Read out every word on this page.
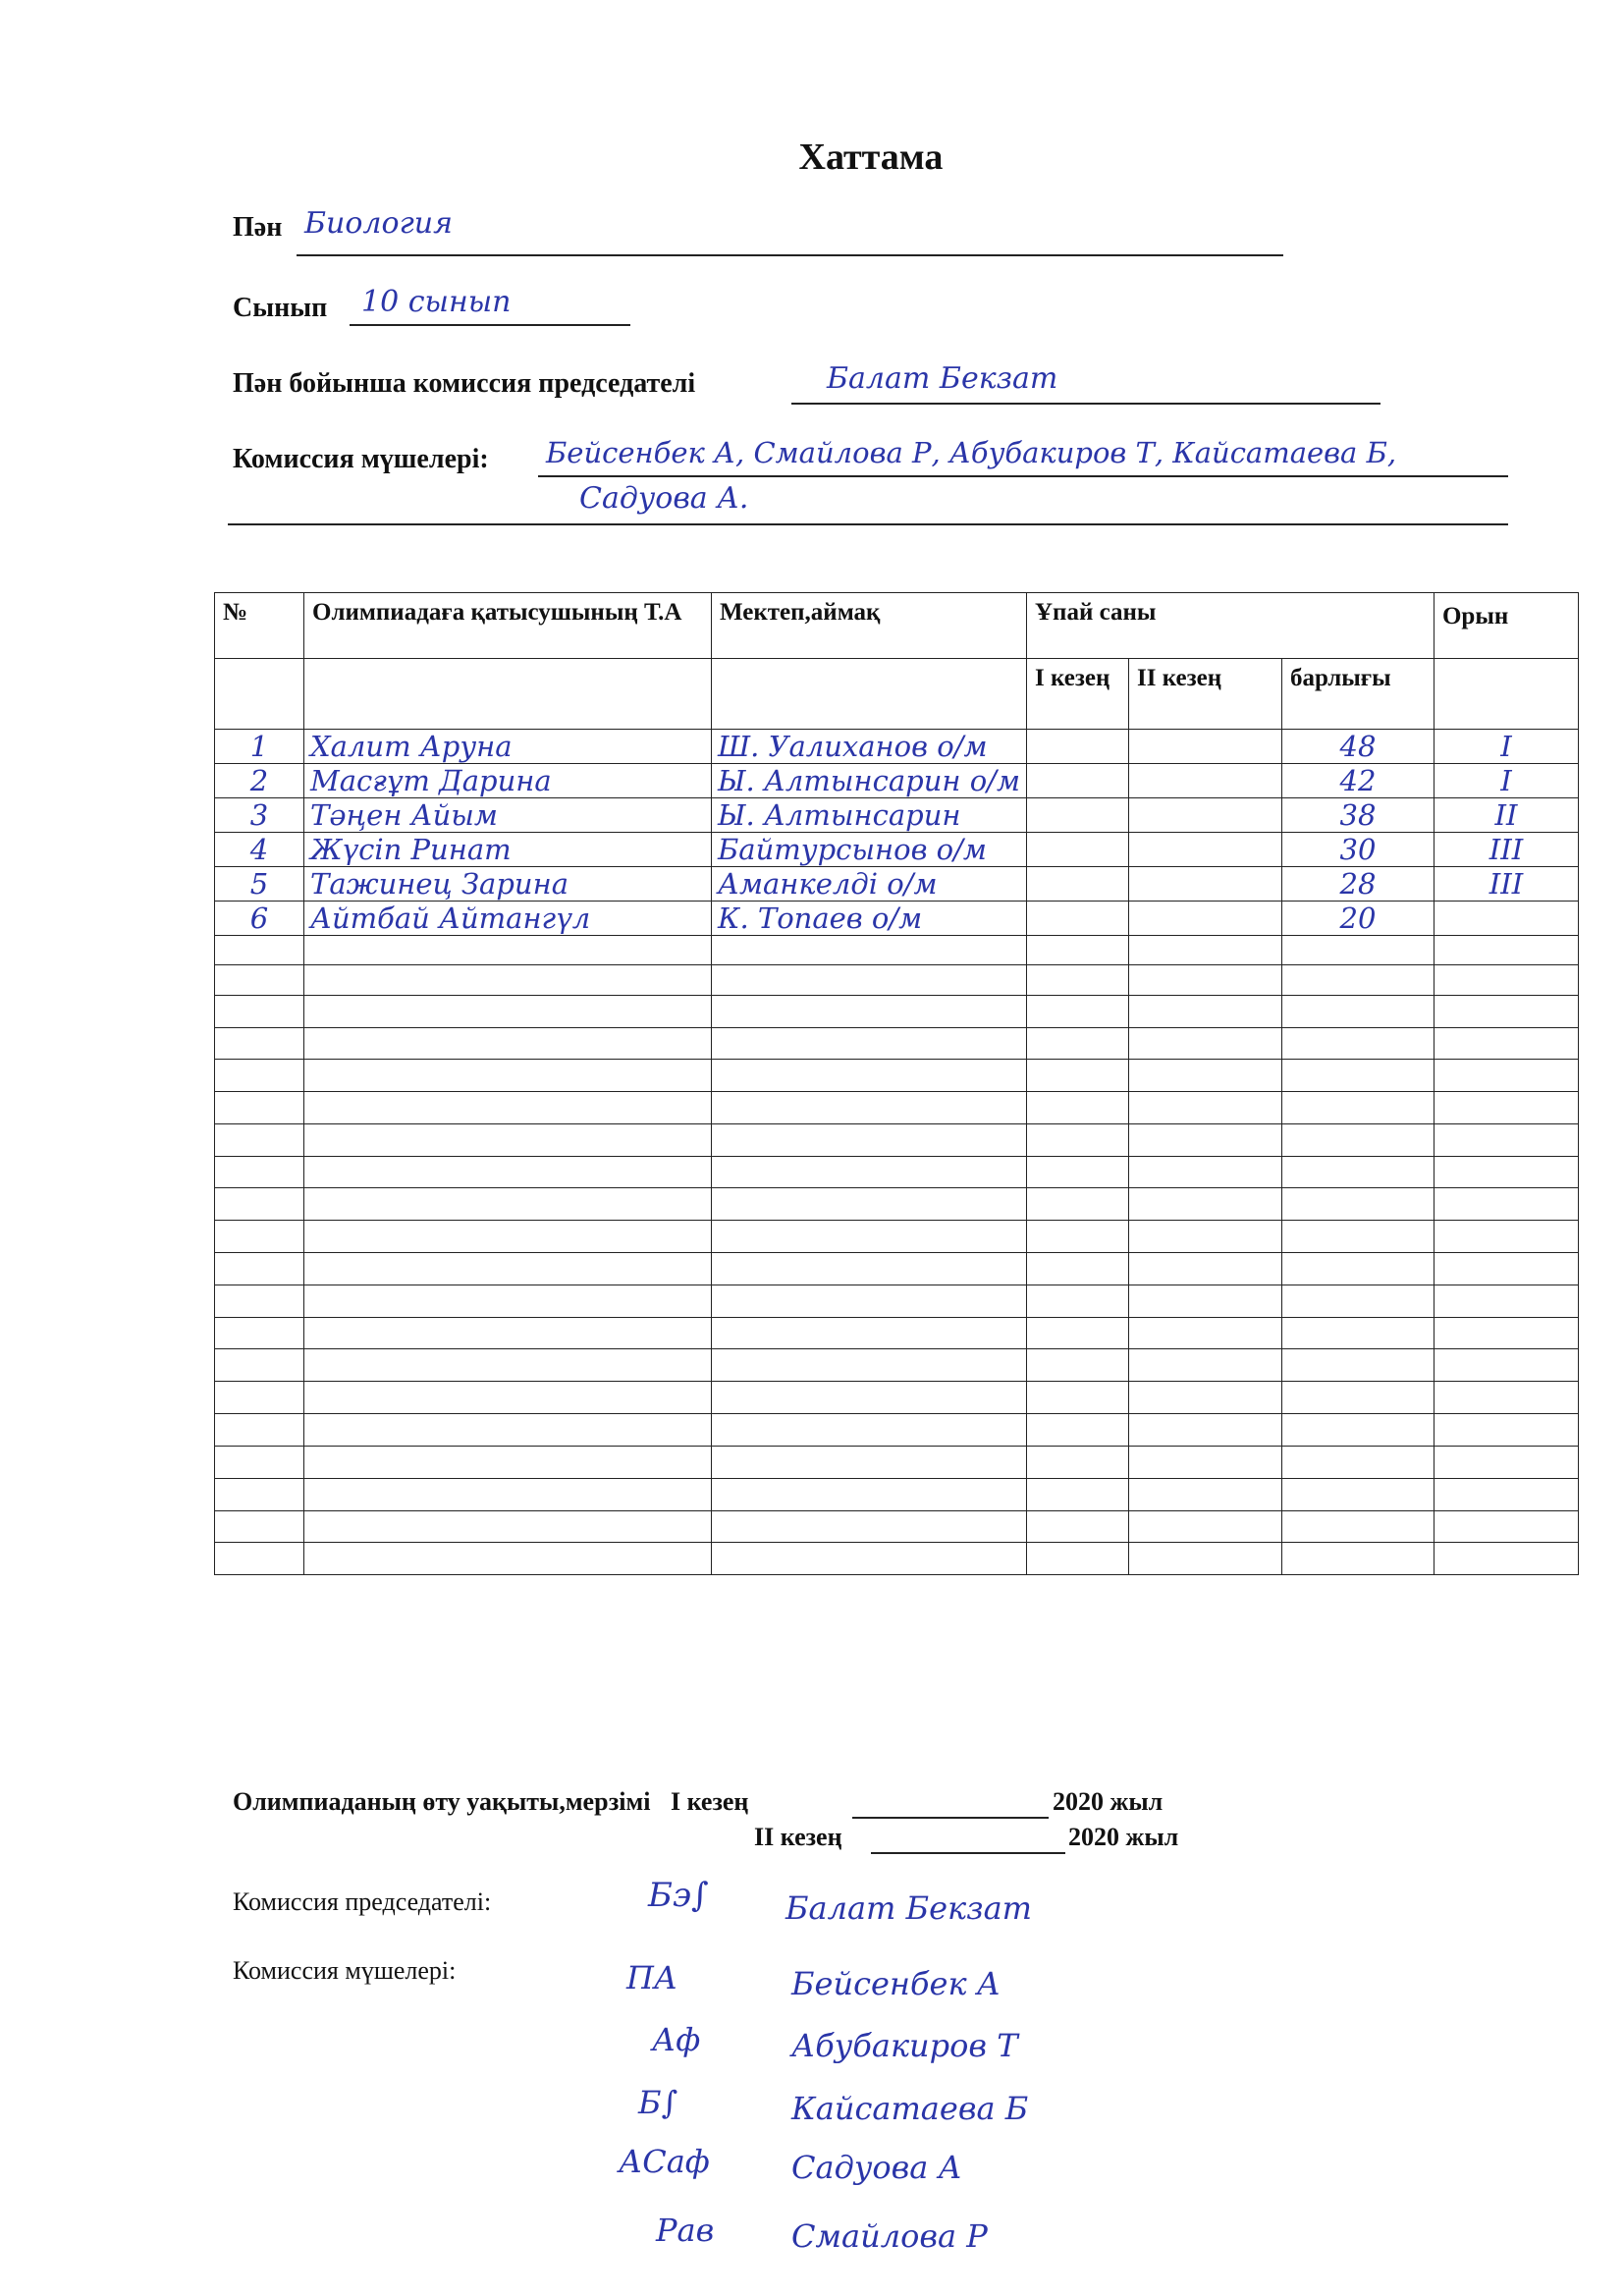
Хаттама
Пән Биология
Сынып 10 сынып
Пән бойынша комиссия председателі	Балат Бекзат
Комиссия мүшелері: Бейсенбек А, Смайлова Р, Абубакиров Т, Кайсатаева Б,
Садуова А.
№	Олимпиадаға қатысушының Т.А	Мектеп,аймақ	Ұпай саны			Орын
			I кезең	II кезең	барлығы	
1	Халит Аруна	Ш. Уалиханов о/м			48	I
2	Масғұт Дарина	Ы. Алтынсарин о/м			42	I
3	Тәңен Айым	Ы. Алтынсарин			38	II
4	Жүсіп Ринат	Байтурсынов о/м			30	III
5	Тажинец Зарина	Аманкелді о/м			28	III
6	Айтбай Айтангүл	К. Топаев о/м			20	

Олимпиаданың өту уақыты,мерзімі I кезең	2020 жыл
II кезең	2020 жыл
Комиссия председателі:
Комиссия мүшелері:
Бэ∫ Балат Бекзат
ПА	Бейсенбек А
Аф	Абубакиров Т
Б∫	Кайсатаева Б
АСаф	Садуова А
Рав Смайлова Р
